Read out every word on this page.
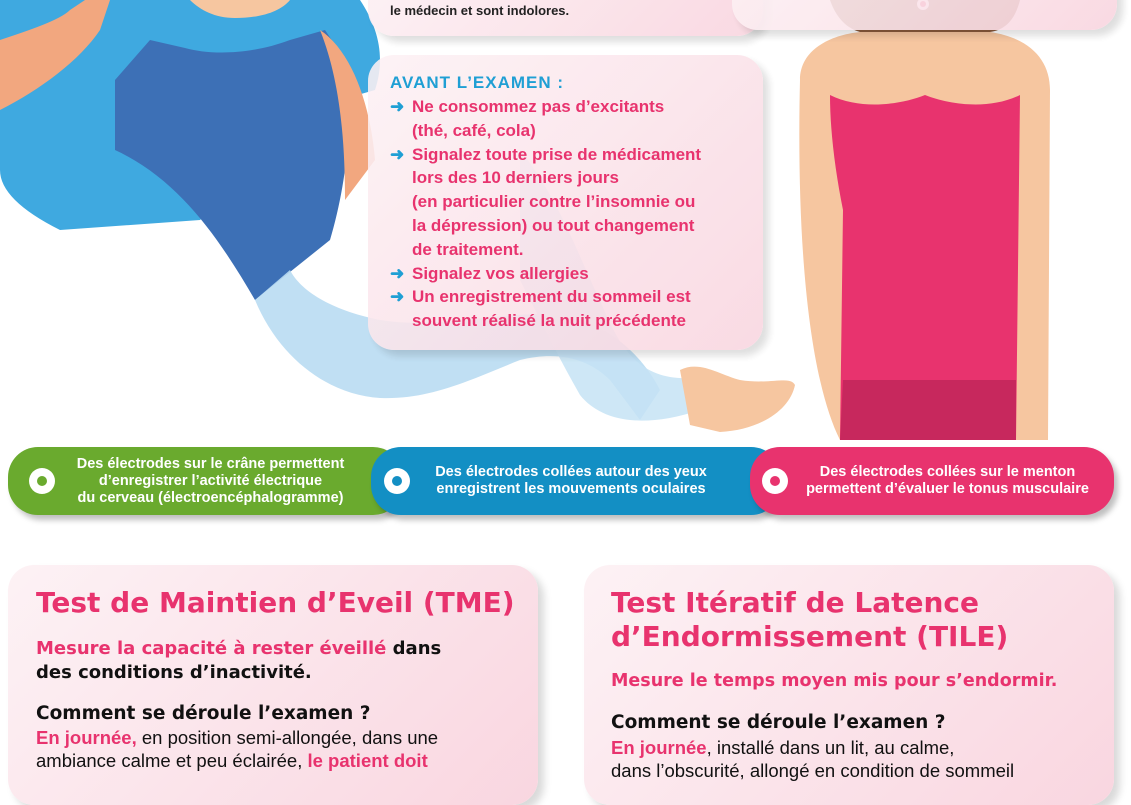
le médecin et sont indolores.
AVANT L’EXAMEN :
➜ Ne consommez pas d’excitants
(thé, café, cola)
➜ Signalez toute prise de médicament
lors des 10 derniers jours
(en particulier contre l’insomnie ou
la dépression) ou tout changement
de traitement.
➜ Signalez vos allergies
➜ Un enregistrement du sommeil est
souvent réalisé la nuit précédente
Des électrodes sur le crâne permettent
d’enregistrer l’activité électrique
du cerveau (électroencéphalogramme)
Des électrodes collées autour des yeux
enregistrent les mouvements oculaires
Des électrodes collées sur le menton
permettent d’évaluer le tonus musculaire
Test de Maintien d’Eveil (TME)
Mesure la capacité à rester éveillé dans
des conditions d’inactivité.
Comment se déroule l’examen ?
En journée, en position semi-allongée, dans une
ambiance calme et peu éclairée, le patient doit
Test Itératif de Latence
d’Endormissement (TILE)
Mesure le temps moyen mis pour s’endormir.
Comment se déroule l’examen ?
En journée, installé dans un lit, au calme,
dans l’obscurité, allongé en condition de sommeil
